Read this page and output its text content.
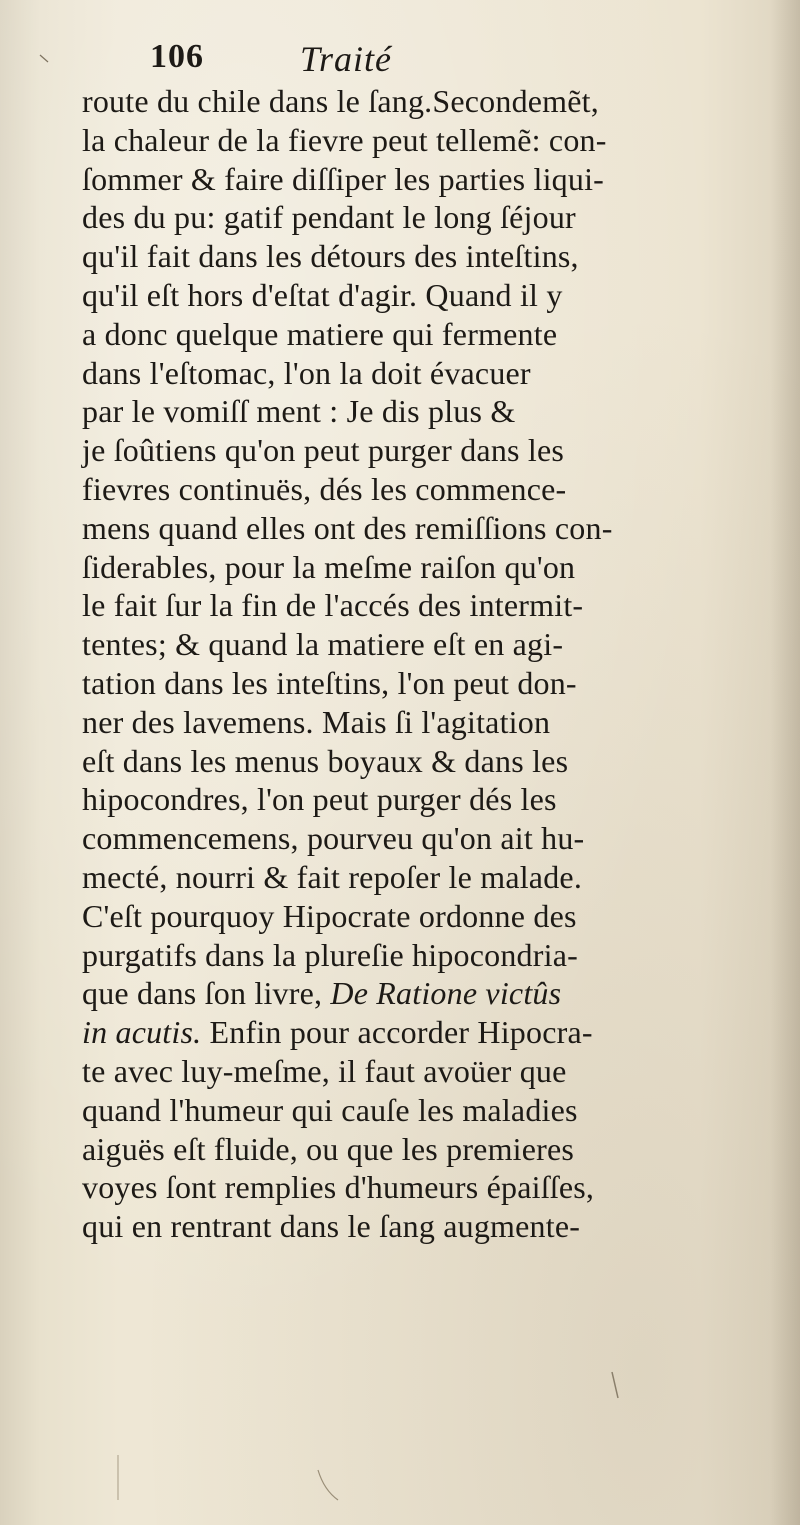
106	Traité
route du chile dans le ſang.Secondemẽt,
la chaleur de la fievre peut tellemẽ: con-
ſommer & faire diſſiper les parties liqui-
des du pu: gatif pendant le long ſéjour
qu'il fait dans les détours des inteſtins,
qu'il eſt hors d'eſtat d'agir. Quand il y
a donc quelque matiere qui fermente
dans l'eſtomac, l'on la doit évacuer
par le vomiſſ ment : Je dis plus &
je ſoûtiens qu'on peut purger dans les
fievres continuës, dés les commence-
mens quand elles ont des remiſſions con-
ſiderables, pour la meſme raiſon qu'on
le fait ſur la fin de l'accés des intermit-
tentes; & quand la matiere eſt en agi-
tation dans les inteſtins, l'on peut don-
ner des lavemens. Mais ſi l'agitation
eſt dans les menus boyaux & dans les
hipocondres, l'on peut purger dés les
commencemens, pourveu qu'on ait hu-
mecté, nourri & fait repoſer le malade.
C'eſt pourquoy Hipocrate ordonne des
purgatifs dans la plureſie hipocondria-
que dans ſon livre, De Ratione victûs
in acutis. Enfin pour accorder Hipocra-
te avec luy-meſme, il faut avoüer que
quand l'humeur qui cauſe les maladies
aiguës eſt fluide, ou que les premieres
voyes ſont remplies d'humeurs épaiſſes,
qui en rentrant dans le ſang augmente-
